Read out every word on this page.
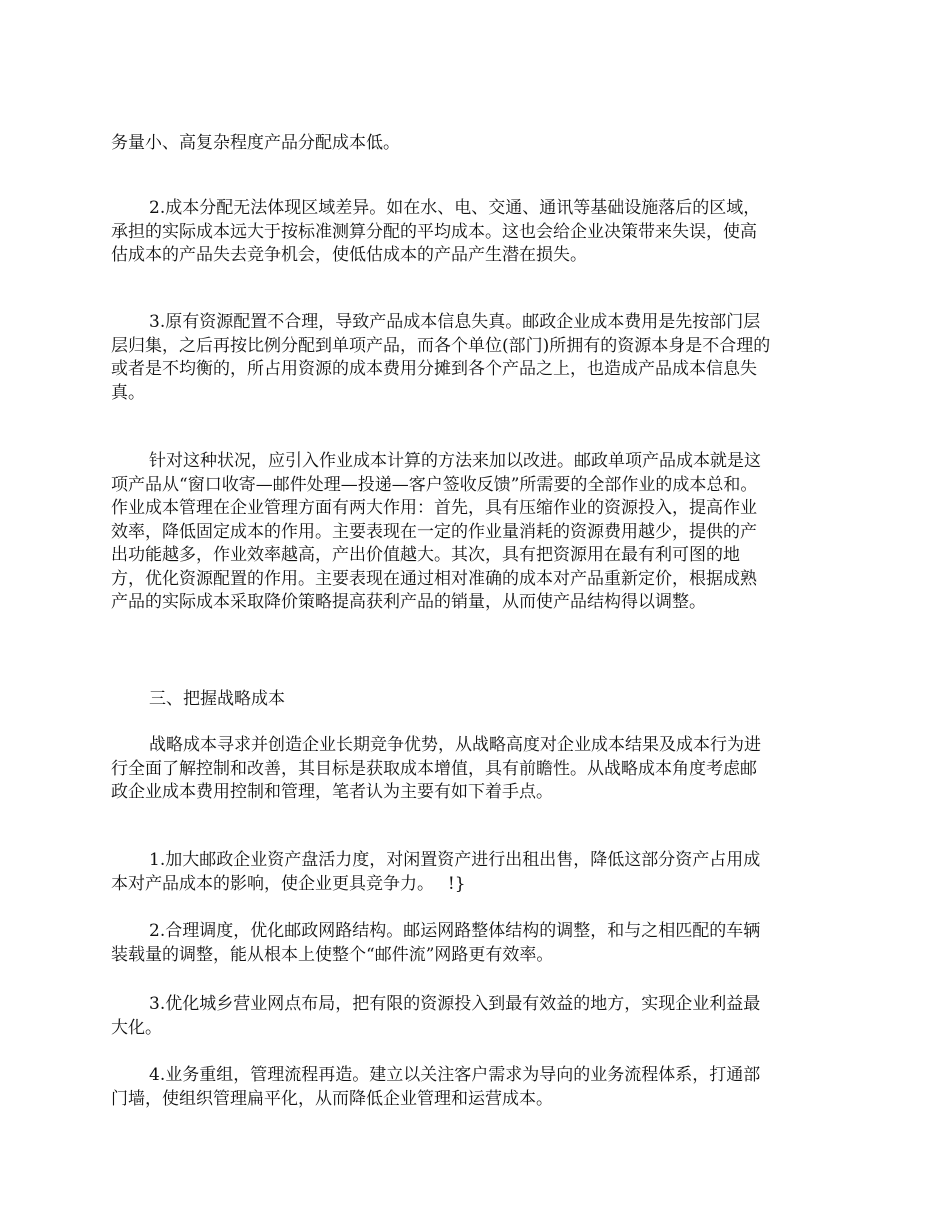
务量小、高复杂程度产品分配成本低。

2.成本分配无法体现区域差异。如在水、电、交通、通讯等基础设施落后的区域，承担的实际成本远大于按标准测算分配的平均成本。这也会给企业决策带来失误，使高估成本的产品失去竞争机会，使低估成本的产品产生潜在损失。

3.原有资源配置不合理，导致产品成本信息失真。邮政企业成本费用是先按部门层层归集，之后再按比例分配到单项产品，而各个单位(部门)所拥有的资源本身是不合理的或者是不均衡的，所占用资源的成本费用分摊到各个产品之上，也造成产品成本信息失真。

针对这种状况，应引入作业成本计算的方法来加以改进。邮政单项产品成本就是这项产品从“窗口收寄—邮件处理—投递—客户签收反馈”所需要的全部作业的成本总和。作业成本管理在企业管理方面有两大作用：首先，具有压缩作业的资源投入，提高作业效率，降低固定成本的作用。主要表现在一定的作业量消耗的资源费用越少，提供的产出功能越多，作业效率越高，产出价值越大。其次，具有把资源用在最有利可图的地方，优化资源配置的作用。主要表现在通过相对准确的成本对产品重新定价，根据成熟产品的实际成本采取降价策略提高获利产品的销量，从而使产品结构得以调整。

三、把握战略成本

战略成本寻求并创造企业长期竞争优势，从战略高度对企业成本结果及成本行为进行全面了解控制和改善，其目标是获取成本增值，具有前瞻性。从战略成本角度考虑邮政企业成本费用控制和管理，笔者认为主要有如下着手点。

1.加大邮政企业资产盘活力度，对闲置资产进行出租出售，降低这部分资产占用成本对产品成本的影响，使企业更具竞争力。　 !}

2.合理调度，优化邮政网路结构。邮运网路整体结构的调整，和与之相匹配的车辆装载量的调整，能从根本上使整个“邮件流”网路更有效率。

3.优化城乡营业网点布局，把有限的资源投入到最有效益的地方，实现企业利益最大化。

4.业务重组，管理流程再造。建立以关注客户需求为导向的业务流程体系，打通部门墙，使组织管理扁平化，从而降低企业管理和运营成本。
